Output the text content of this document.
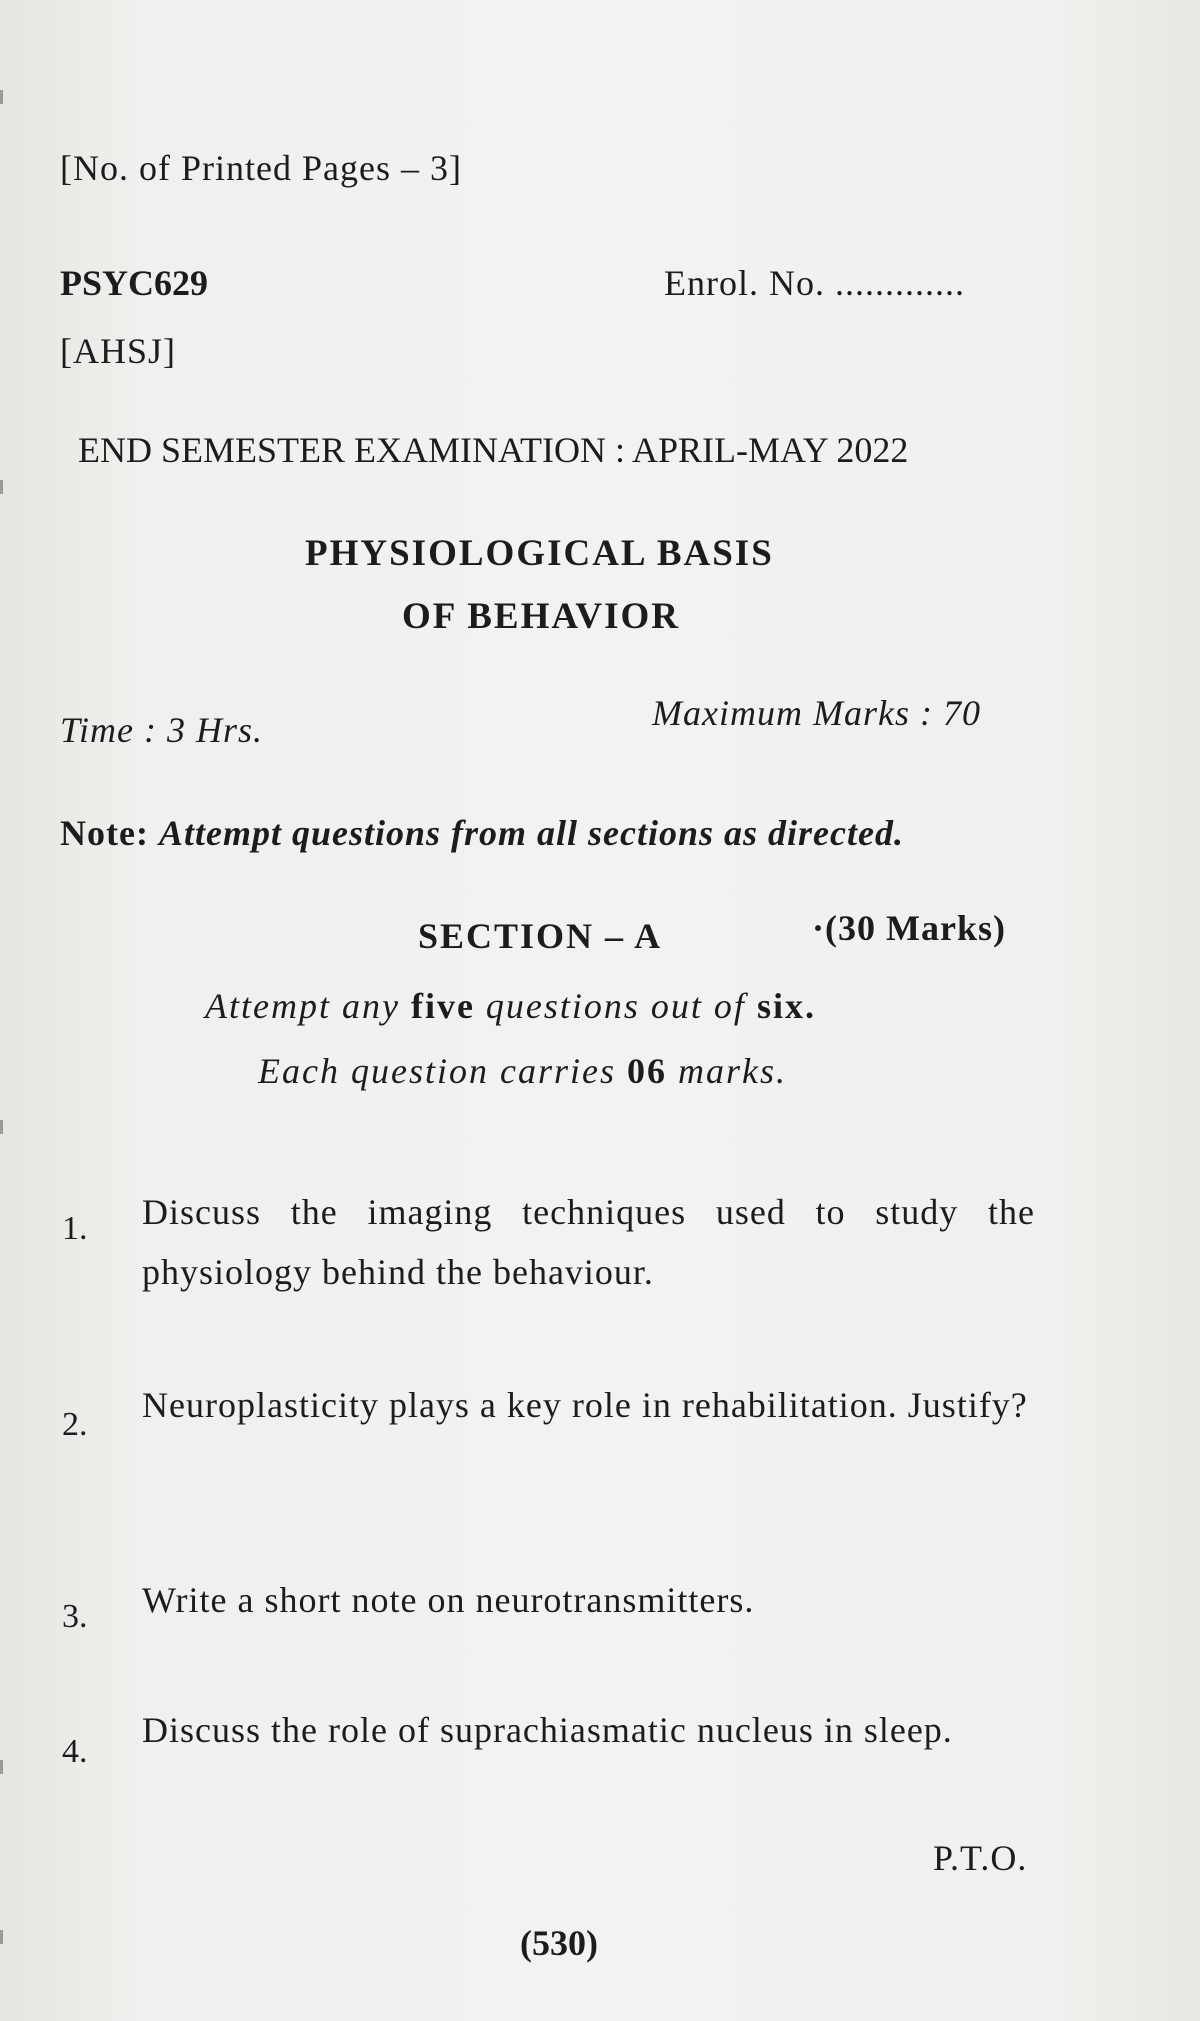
[No. of Printed Pages – 3]
PSYC629	Enrol. No. .............
[AHSJ]
END SEMESTER EXAMINATION : APRIL-MAY 2022
PHYSIOLOGICAL BASIS
OF BEHAVIOR
Time : 3 Hrs.	Maximum Marks : 70
Note: Attempt questions from all sections as directed.
SECTION – A	·(30 Marks)
Attempt any five questions out of six.
Each question carries 06 marks.
1. Discuss the imaging techniques used to study the physiology behind the behaviour.
2. Neuroplasticity plays a key role in rehabilitation. Justify?
3. Write a short note on neurotransmitters.
4.
Discuss the role of suprachiasmatic nucleus in sleep.
P.T.O.
(530)
